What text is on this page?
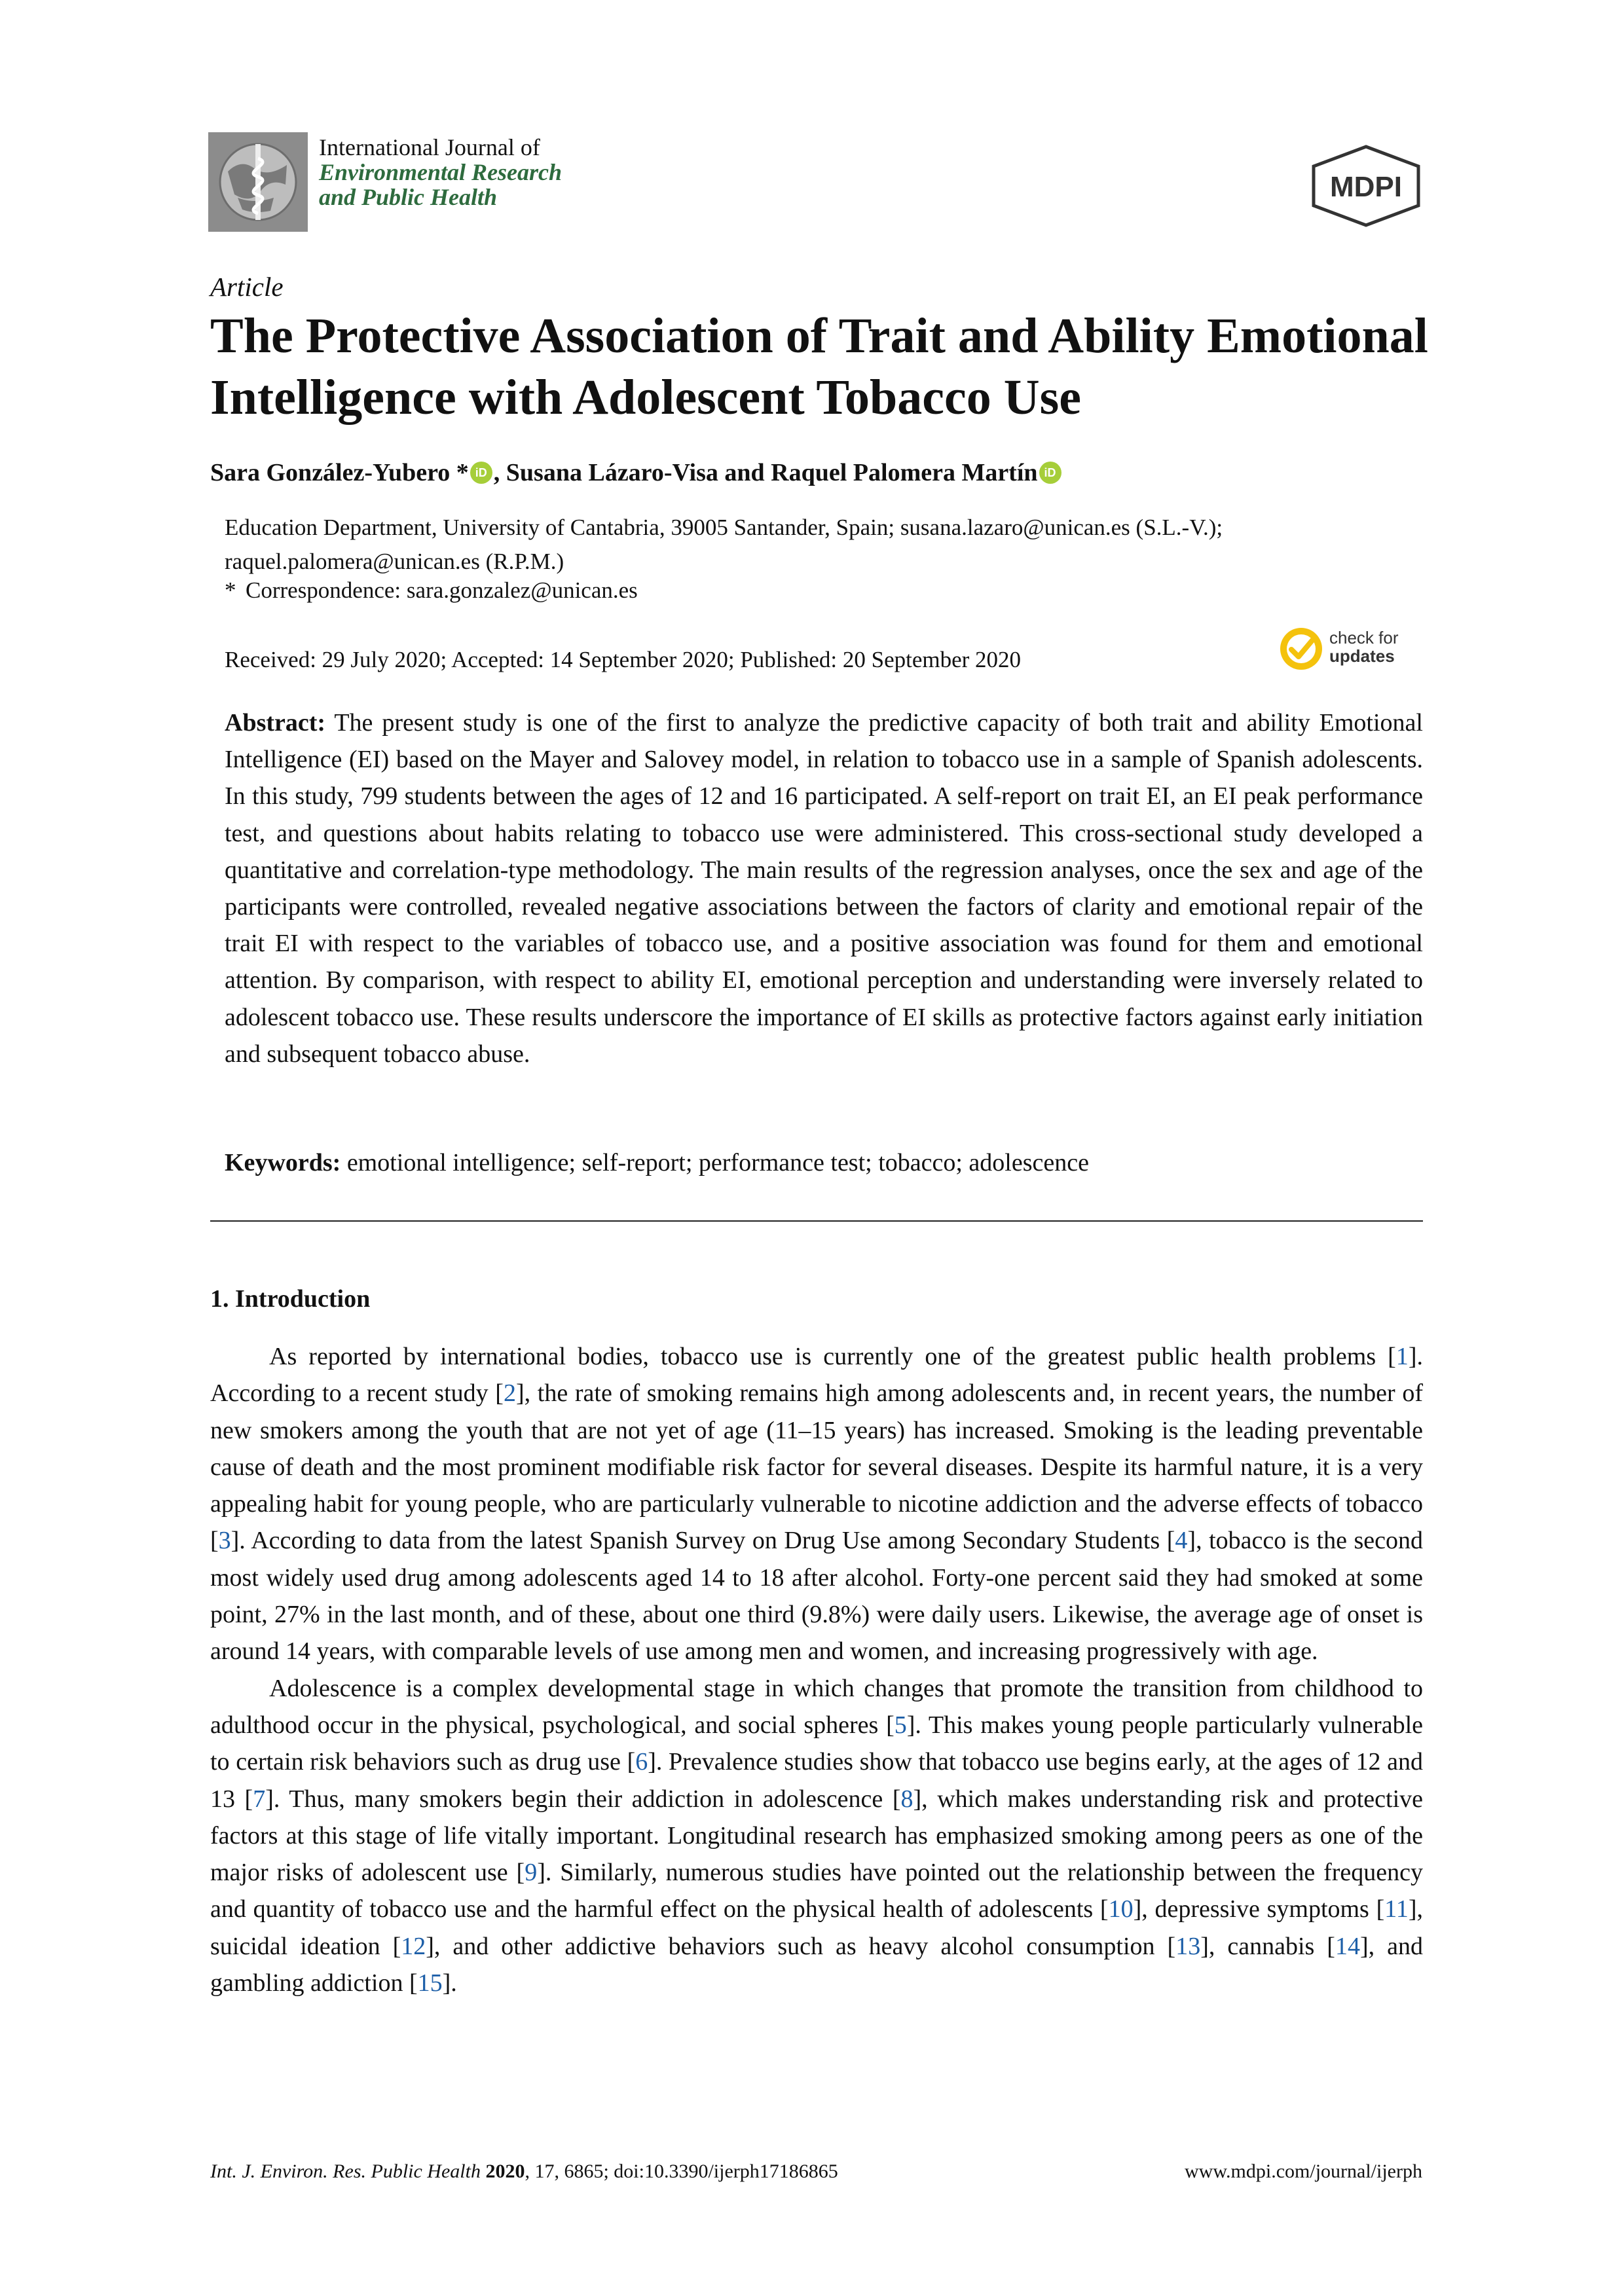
International Journal of
Environmental Research
and Public Health	MDPI
Article
The Protective Association of Trait and Ability Emotional Intelligence with Adolescent Tobacco Use
Sara González-Yubero * iD , Susana Lázaro-Visa and Raquel Palomera Martín iD
Education Department, University of Cantabria, 39005 Santander, Spain; susana.lazaro@unican.es (S.L.-V.); raquel.palomera@unican.es (R.P.M.)
* Correspondence: sara.gonzalez@unican.es
Received: 29 July 2020; Accepted: 14 September 2020; Published: 20 September 2020
check for
updates
Abstract: The present study is one of the first to analyze the predictive capacity of both trait and ability Emotional Intelligence (EI) based on the Mayer and Salovey model, in relation to tobacco use in a sample of Spanish adolescents. In this study, 799 students between the ages of 12 and 16 participated. A self-report on trait EI, an EI peak performance test, and questions about habits relating to tobacco use were administered. This cross-sectional study developed a quantitative and correlation-type methodology. The main results of the regression analyses, once the sex and age of the participants were controlled, revealed negative associations between the factors of clarity and emotional repair of the trait EI with respect to the variables of tobacco use, and a positive association was found for them and emotional attention. By comparison, with respect to ability EI, emotional perception and understanding were inversely related to adolescent tobacco use. These results underscore the importance of EI skills as protective factors against early initiation and subsequent tobacco abuse.
Keywords: emotional intelligence; self-report; performance test; tobacco; adolescence
1. Introduction

As reported by international bodies, tobacco use is currently one of the greatest public health problems [1]. According to a recent study [2], the rate of smoking remains high among adolescents and, in recent years, the number of new smokers among the youth that are not yet of age (11–15 years) has increased. Smoking is the leading preventable cause of death and the most prominent modifiable risk factor for several diseases. Despite its harmful nature, it is a very appealing habit for young people, who are particularly vulnerable to nicotine addiction and the adverse effects of tobacco [3]. According to data from the latest Spanish Survey on Drug Use among Secondary Students [4], tobacco is the second most widely used drug among adolescents aged 14 to 18 after alcohol. Forty-one percent said they had smoked at some point, 27% in the last month, and of these, about one third (9.8%) were daily users. Likewise, the average age of onset is around 14 years, with comparable levels of use among men and women, and increasing progressively with age.

Adolescence is a complex developmental stage in which changes that promote the transition from childhood to adulthood occur in the physical, psychological, and social spheres [5]. This makes young people particularly vulnerable to certain risk behaviors such as drug use [6]. Prevalence studies show that tobacco use begins early, at the ages of 12 and 13 [7]. Thus, many smokers begin their addiction in adolescence [8], which makes understanding risk and protective factors at this stage of life vitally important. Longitudinal research has emphasized smoking among peers as one of the major risks of adolescent use [9]. Similarly, numerous studies have pointed out the relationship between the frequency and quantity of tobacco use and the harmful effect on the physical health of adolescents [10], depressive symptoms [11], suicidal ideation [12], and other addictive behaviors such as heavy alcohol consumption [13], cannabis [14], and gambling addiction [15].

Int. J. Environ. Res. Public Health 2020, 17, 6865; doi:10.3390/ijerph17186865	www.mdpi.com/journal/ijerph
